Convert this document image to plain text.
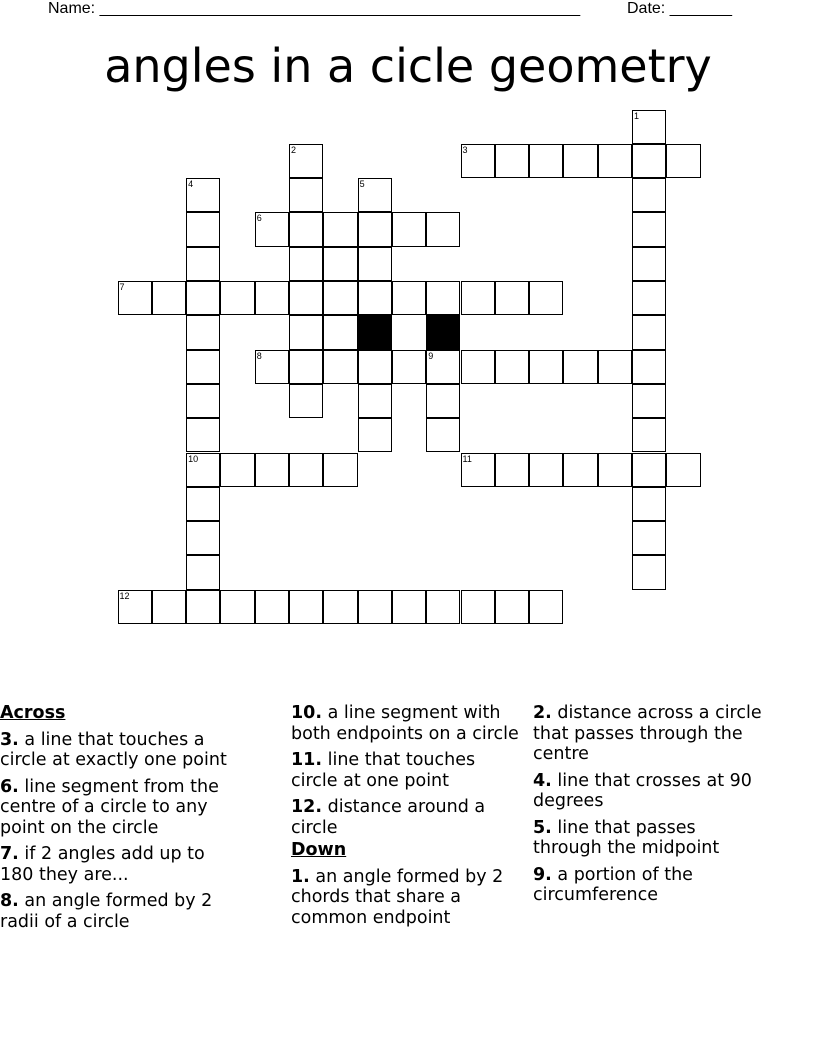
Name: ______________________________________________________	Date: _______
angles in a cicle geometry
3
6
7
8	9
10	11
12
1
2
4	5
Across
3. a line that touches a circle at exactly one point
6. line segment from the centre of a circle to any point on the circle
7. if 2 angles add up to 180 they are...
8. an angle formed by 2 radii of a circle
10. a line segment with both endpoints on a circle
11. line that touches circle at one point
12. distance around a circle
Down
1. an angle formed by 2 chords that share a common endpoint
2. distance across a circle that passes through the centre
4. line that crosses at 90 degrees
5. line that passes through the midpoint
9. a portion of the circumference
